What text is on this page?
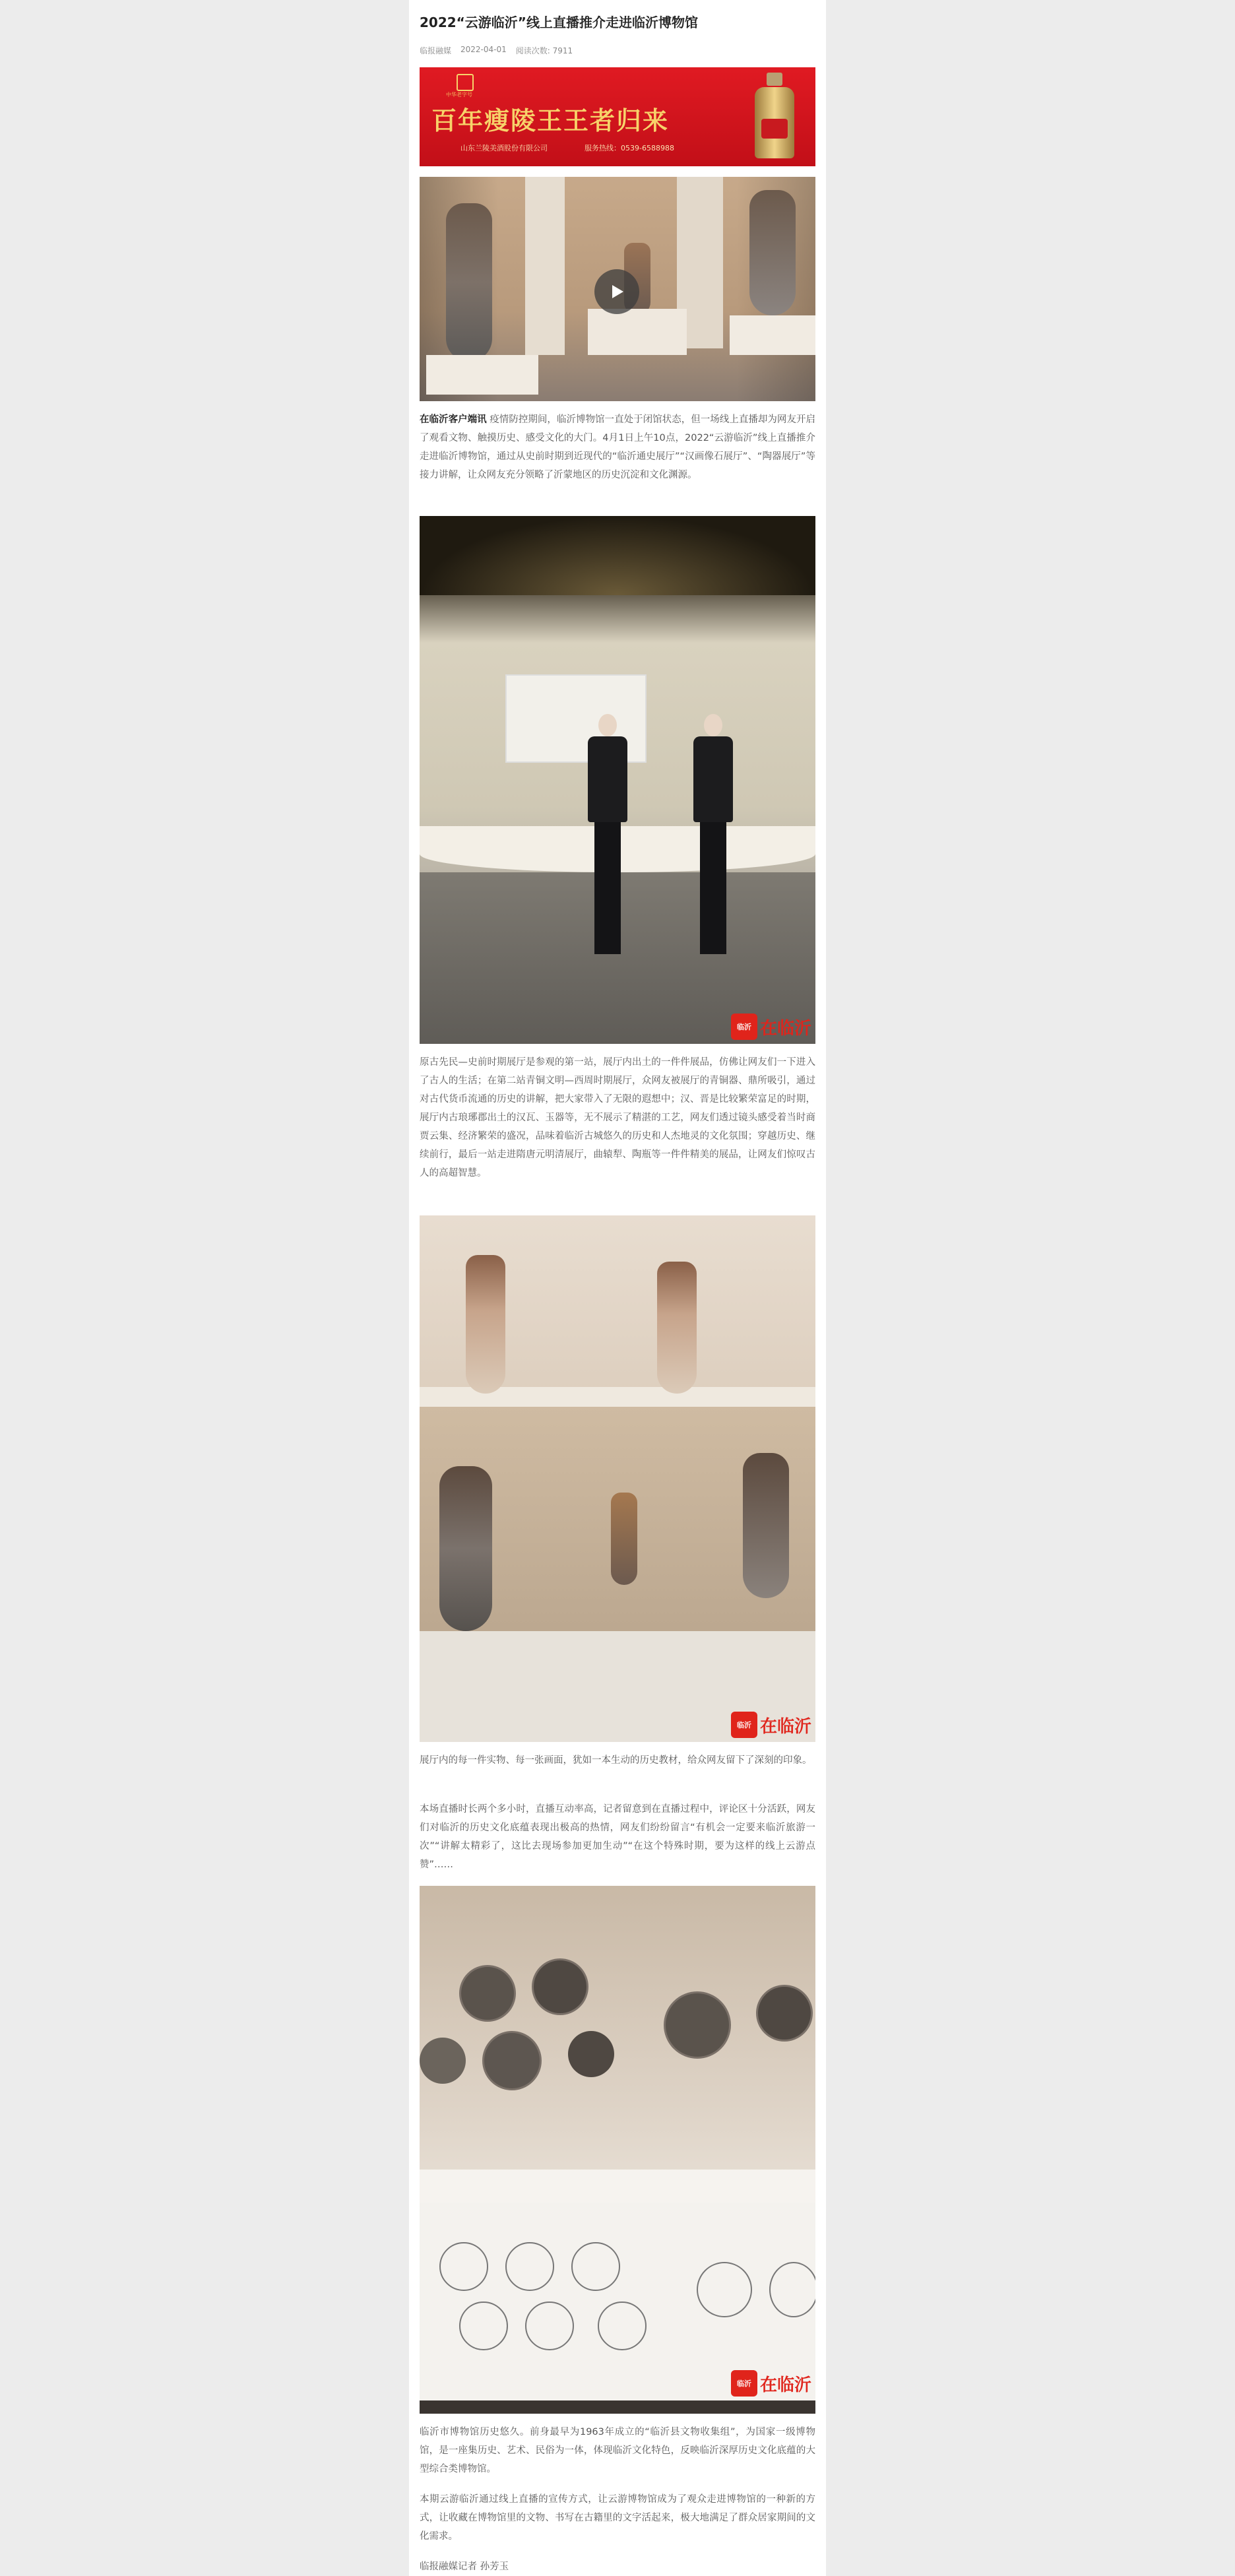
2022“云游临沂”线上直播推介走进临沂博物馆
临报融媒 2022-04-01 阅读次数: 7911
中华老字号
百年瘦陵王王者归来
山东兰陵美酒股份有限公司	服务热线：0539-6588988
在临沂客户端讯 疫情防控期间，临沂博物馆一直处于闭馆状态，但一场线上直播却为网友开启了观看文物、触摸历史、感受文化的大门。4月1日上午10点，2022“云游临沂”线上直播推介走进临沂博物馆，通过从史前时期到近现代的“临沂通史展厅”“汉画像石展厅”、“陶器展厅”等接力讲解，让众网友充分领略了沂蒙地区的历史沉淀和文化渊源。
临沂 在临沂
原古先民—史前时期展厅是参观的第一站，展厅内出土的一件件展品，仿佛让网友们一下进入了古人的生活；在第二站青铜文明—西周时期展厅，众网友被展厅的青铜器、鼎所吸引，通过对古代货币流通的历史的讲解，把大家带入了无限的遐想中；汉、晋是比较繁荣富足的时期，展厅内古琅琊郡出土的汉瓦、玉器等，无不展示了精湛的工艺，网友们透过镜头感受着当时商贾云集、经济繁荣的盛况，品味着临沂古城悠久的历史和人杰地灵的文化氛围；穿越历史、继续前行，最后一站走进隋唐元明清展厅，曲辕犁、陶瓶等一件件精美的展品，让网友们惊叹古人的高超智慧。
临沂 在临沂
展厅内的每一件实物、每一张画面，犹如一本生动的历史教材，给众网友留下了深刻的印象。
本场直播时长两个多小时，直播互动率高，记者留意到在直播过程中，评论区十分活跃，网友们对临沂的历史文化底蕴表现出极高的热情，网友们纷纷留言“有机会一定要来临沂旅游一次”“讲解太精彩了，这比去现场参加更加生动”“在这个特殊时期，要为这样的线上云游点赞”……
临沂 在临沂
临沂市博物馆历史悠久。前身最早为1963年成立的“临沂县文物收集组”，为国家一级博物馆，是一座集历史、艺术、民俗为一体，体现临沂文化特色，反映临沂深厚历史文化底蕴的大型综合类博物馆。
本期云游临沂通过线上直播的宣传方式，让云游博物馆成为了观众走进博物馆的一种新的方式，让收藏在博物馆里的文物、书写在古籍里的文字活起来，极大地满足了群众居家期间的文化需求。
临报融媒记者 孙芳玉
